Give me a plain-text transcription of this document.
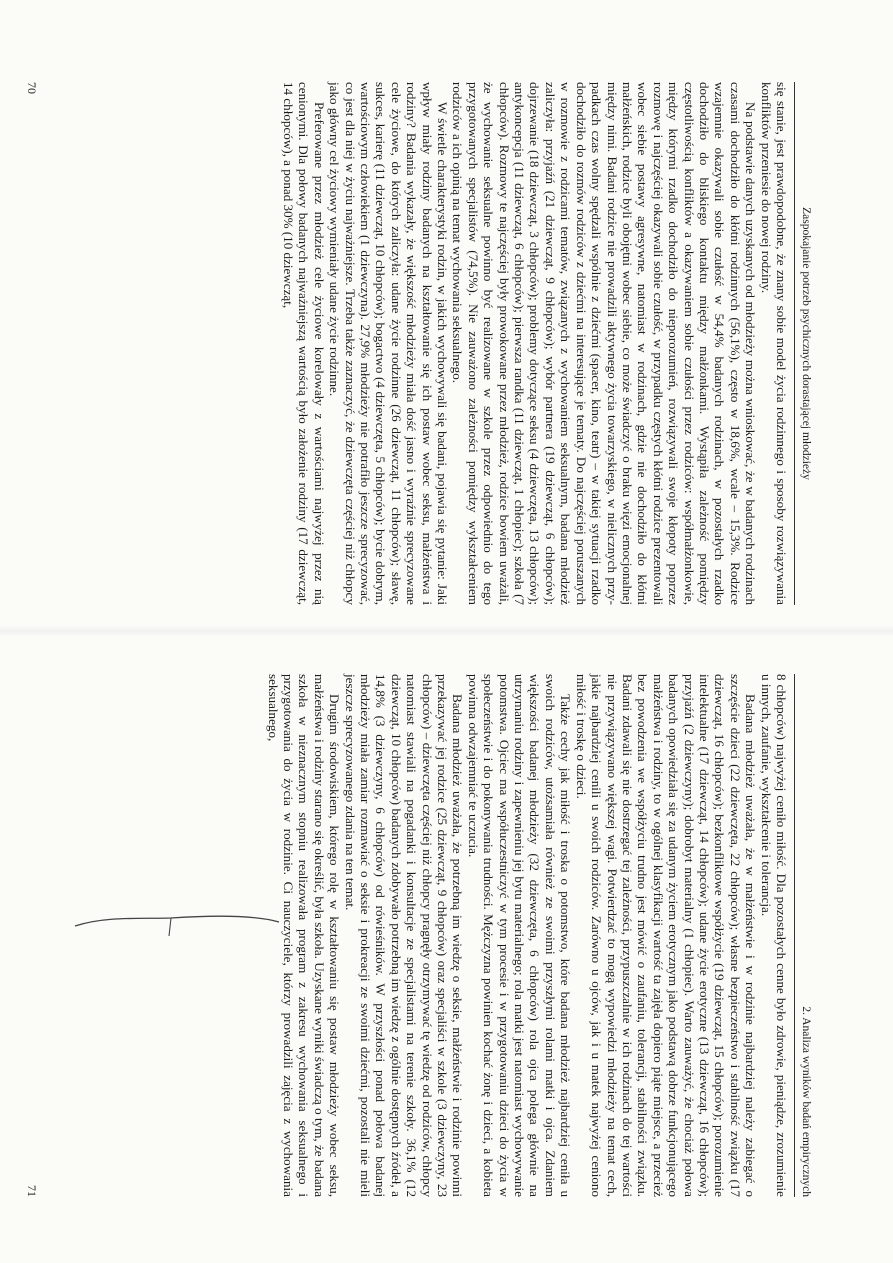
Zaspokajanie potrzeb psychicznych dorastającej młodzieży

się stanie, jest prawdopodobne, że znany sobie model życia rodzinnego i sposoby rozwiązywania konfliktów przeniesie do nowej rodziny.

Na podstawie danych uzyskanych od młodzieży można wnioskować, że w badanych rodzinach czasami dochodziło do kłótni rodzinnych (56,1%), często w 18,6%, wcale – 15,3%. Rodzice wzajemnie okazywali sobie czułość w 54,4% badanych rodzinach, w pozostałych rzadko dochodziło do bliskiego kontaktu między małżonkami. Wystąpiła zależność pomiędzy częstotliwością konfliktów a okazywaniem sobie czułości przez rodziców: współmałżonkowie, między którymi rzadko dochodziło do nieporozumień, rozwiązywali swoje kłopoty poprzez rozmowę i najczęściej okazywali sobie czułość, w przypadku częstych kłótni rodzice prezentowali wobec siebie postawy agresywne, natomiast w rodzinach, gdzie nie dochodziło do kłótni małżeńskich, rodzice byli obojętni wobec siebie, co może świadczyć o braku więzi emocjonalnej między nimi. Badani rodzice nie prowadzili aktywnego życia towarzyskiego, w nielicznych przypadkach czas wolny spędzali wspólnie z dziećmi (spacer, kino, teatr) – w takiej sytuacji rzadko dochodziło do rozmów rodziców z dziećmi na interesujące je tematy. Do najczęściej poruszanych w rozmowie z rodzicami tematów, związanych z wychowaniem seksualnym, badana młodzież zaliczyła: przyjaźń (21 dziewcząt, 9 chłopców); wybór partnera (19 dziewcząt, 6 chłopców); dojrzewanie (18 dziewcząt, 3 chłopców); problemy dotyczące seksu (4 dziewczęta, 13 chłopców); antykoncepcja (11 dziewcząt, 6 chłopców); pierwsza randka (11 dziewcząt, 1 chłopiec); szkoła (7 chłopców). Rozmowy te najczęściej były prowokowane przez młodzież, rodzice bowiem uważali, że wychowanie seksualne powinno być realizowane w szkole przez odpowiednio do tego przygotowanych specjalistów (74,5%). Nie zauważono zależności pomiędzy wykształceniem rodziców a ich opinią na temat wychowania seksualnego.

W świetle charakterystyki rodzin, w jakich wychowywali się badani, pojawia się pytanie: Jaki wpływ miały rodziny badanych na kształtowanie się ich postaw wobec seksu, małżeństwa i rodziny? Badania wykazały, że większość młodzieży miała dość jasno i wyraźnie sprecyzowane cele życiowe, do których zaliczyła: udane życie rodzinne (26 dziewcząt, 11 chłopców); sławę, sukces, karierę (11 dziewcząt, 10 chłopców); bogactwo (4 dziewczęta, 5 chłopców); bycie dobrym, wartościowym człowiekiem (1 dziewczyna). 27,9% młodzieży nie potrafiło jeszcze sprecyzować, co jest dla niej w życiu najważniejsze. Trzeba także zaznaczyć, że dziewczęta częściej niż chłopcy jako główny cel życiowy wymieniały udane życie rodzinne.

Preferowane przez młodzież cele życiowe korelowały z wartościami najwyżej przez nią cenionymi. Dla połowy badanych najważniejszą wartością było założenie rodziny (17 dziewcząt, 14 chłopców), a ponad 30% (10 dziewcząt,

70
2. Analiza wyników badań empirycznych

8 chłopców) najwyżej ceniło miłość. Dla pozostałych cenne było zdrowie, pieniądze, zrozumienie u innych, zaufanie, wykształcenie i tolerancja.

Badana młodzież uważała, że w małżeństwie i w rodzinie najbardziej należy zabiegać o szczęście dzieci (22 dziewczęta, 22 chłopców); własne bezpieczeństwo i stabilność związku (17 dziewcząt, 16 chłopców); bezkonfliktowe współżycie (19 dziewcząt, 15 chłopców); porozumienie intelektualne (17 dziewcząt, 14 chłopców); udane życie erotyczne (13 dziewcząt, 16 chłopców); przyjaźń (2 dziewczyny); dobrobyt materialny (1 chłopiec). Warto zauważyć, że chociaż połowa badanych opowiedziała się za udanym życiem erotycznym jako podstawą dobrze funkcjonującego małżeństwa i rodziny, to w ogólnej klasyfikacji wartość ta zajęła dopiero piąte miejsce, a przecież bez powodzenia we współżyciu trudno jest mówić o zaufaniu, tolerancji, stabilności związku. Badani zdawali się nie dostrzegać tej zależności, przypuszczalnie w ich rodzinach do tej wartości nie przywiązywano większej wagi. Potwierdzać to mogą wypowiedzi młodzieży na temat cech, jakie najbardziej cenili u swoich rodziców. Zarówno u ojców, jak i u matek najwyżej ceniono miłość i troskę o dzieci.

Także cechy jak miłość i troska o potomstwo, które badana młodzież najbardziej ceniła u swoich rodziców, utożsamiała również ze swoimi przyszłymi rolami matki i ojca. Zdaniem większości badanej młodzieży (32 dziewczęta, 6 chłopców) rola ojca polega głównie na utrzymaniu rodziny i zapewnieniu jej bytu materialnego; rola matki jest natomiast wychowywanie potomstwa. Ojciec ma współuczestniczyć w tym procesie i w przygotowaniu dzieci do życia w społeczeństwie i do pokonywania trudności. Mężczyzna powinien kochać żonę i dzieci, a kobieta powinna odwzajemniać te uczucia.

Badana młodzież uważała, że potrzebną im wiedzę o seksie, małżeństwie i rodzinie powinni przekazywać jej rodzice (25 dziewcząt, 9 chłopców) oraz specjaliści w szkole (3 dziewczyny, 23 chłopców) – dziewczęta częściej niż chłopcy pragnęły otrzymywać tę wiedzę od rodziców, chłopcy natomiast stawiali na pogadanki i konsultacje ze specjalistami na terenie szkoły. 36,1% (12 dziewcząt, 10 chłopców) badanych zdobywało potrzebną im wiedzę z ogólnie dostępnych źródeł, a 14,8% (3 dziewczyny, 6 chłopców) od rówieśników. W przyszłości ponad połowa badanej młodzieży miała zamiar rozmawiać o seksie i prokreacji ze swoimi dziećmi, pozostali nie mieli jeszcze sprecyzowanego zdania na ten temat.

Drugim środowiskiem, którego rolę w kształtowaniu się postaw młodzieży wobec seksu, małżeństwa i rodziny starano się określić, była szkoła. Uzyskane wyniki świadczą o tym, że badana szkoła w nieznacznym stopniu realizowała program z zakresu wychowania seksualnego i przygotowania do życia w rodzinie. Ci nauczyciele, którzy prowadzili zajęcia z wychowania seksualnego,

71
